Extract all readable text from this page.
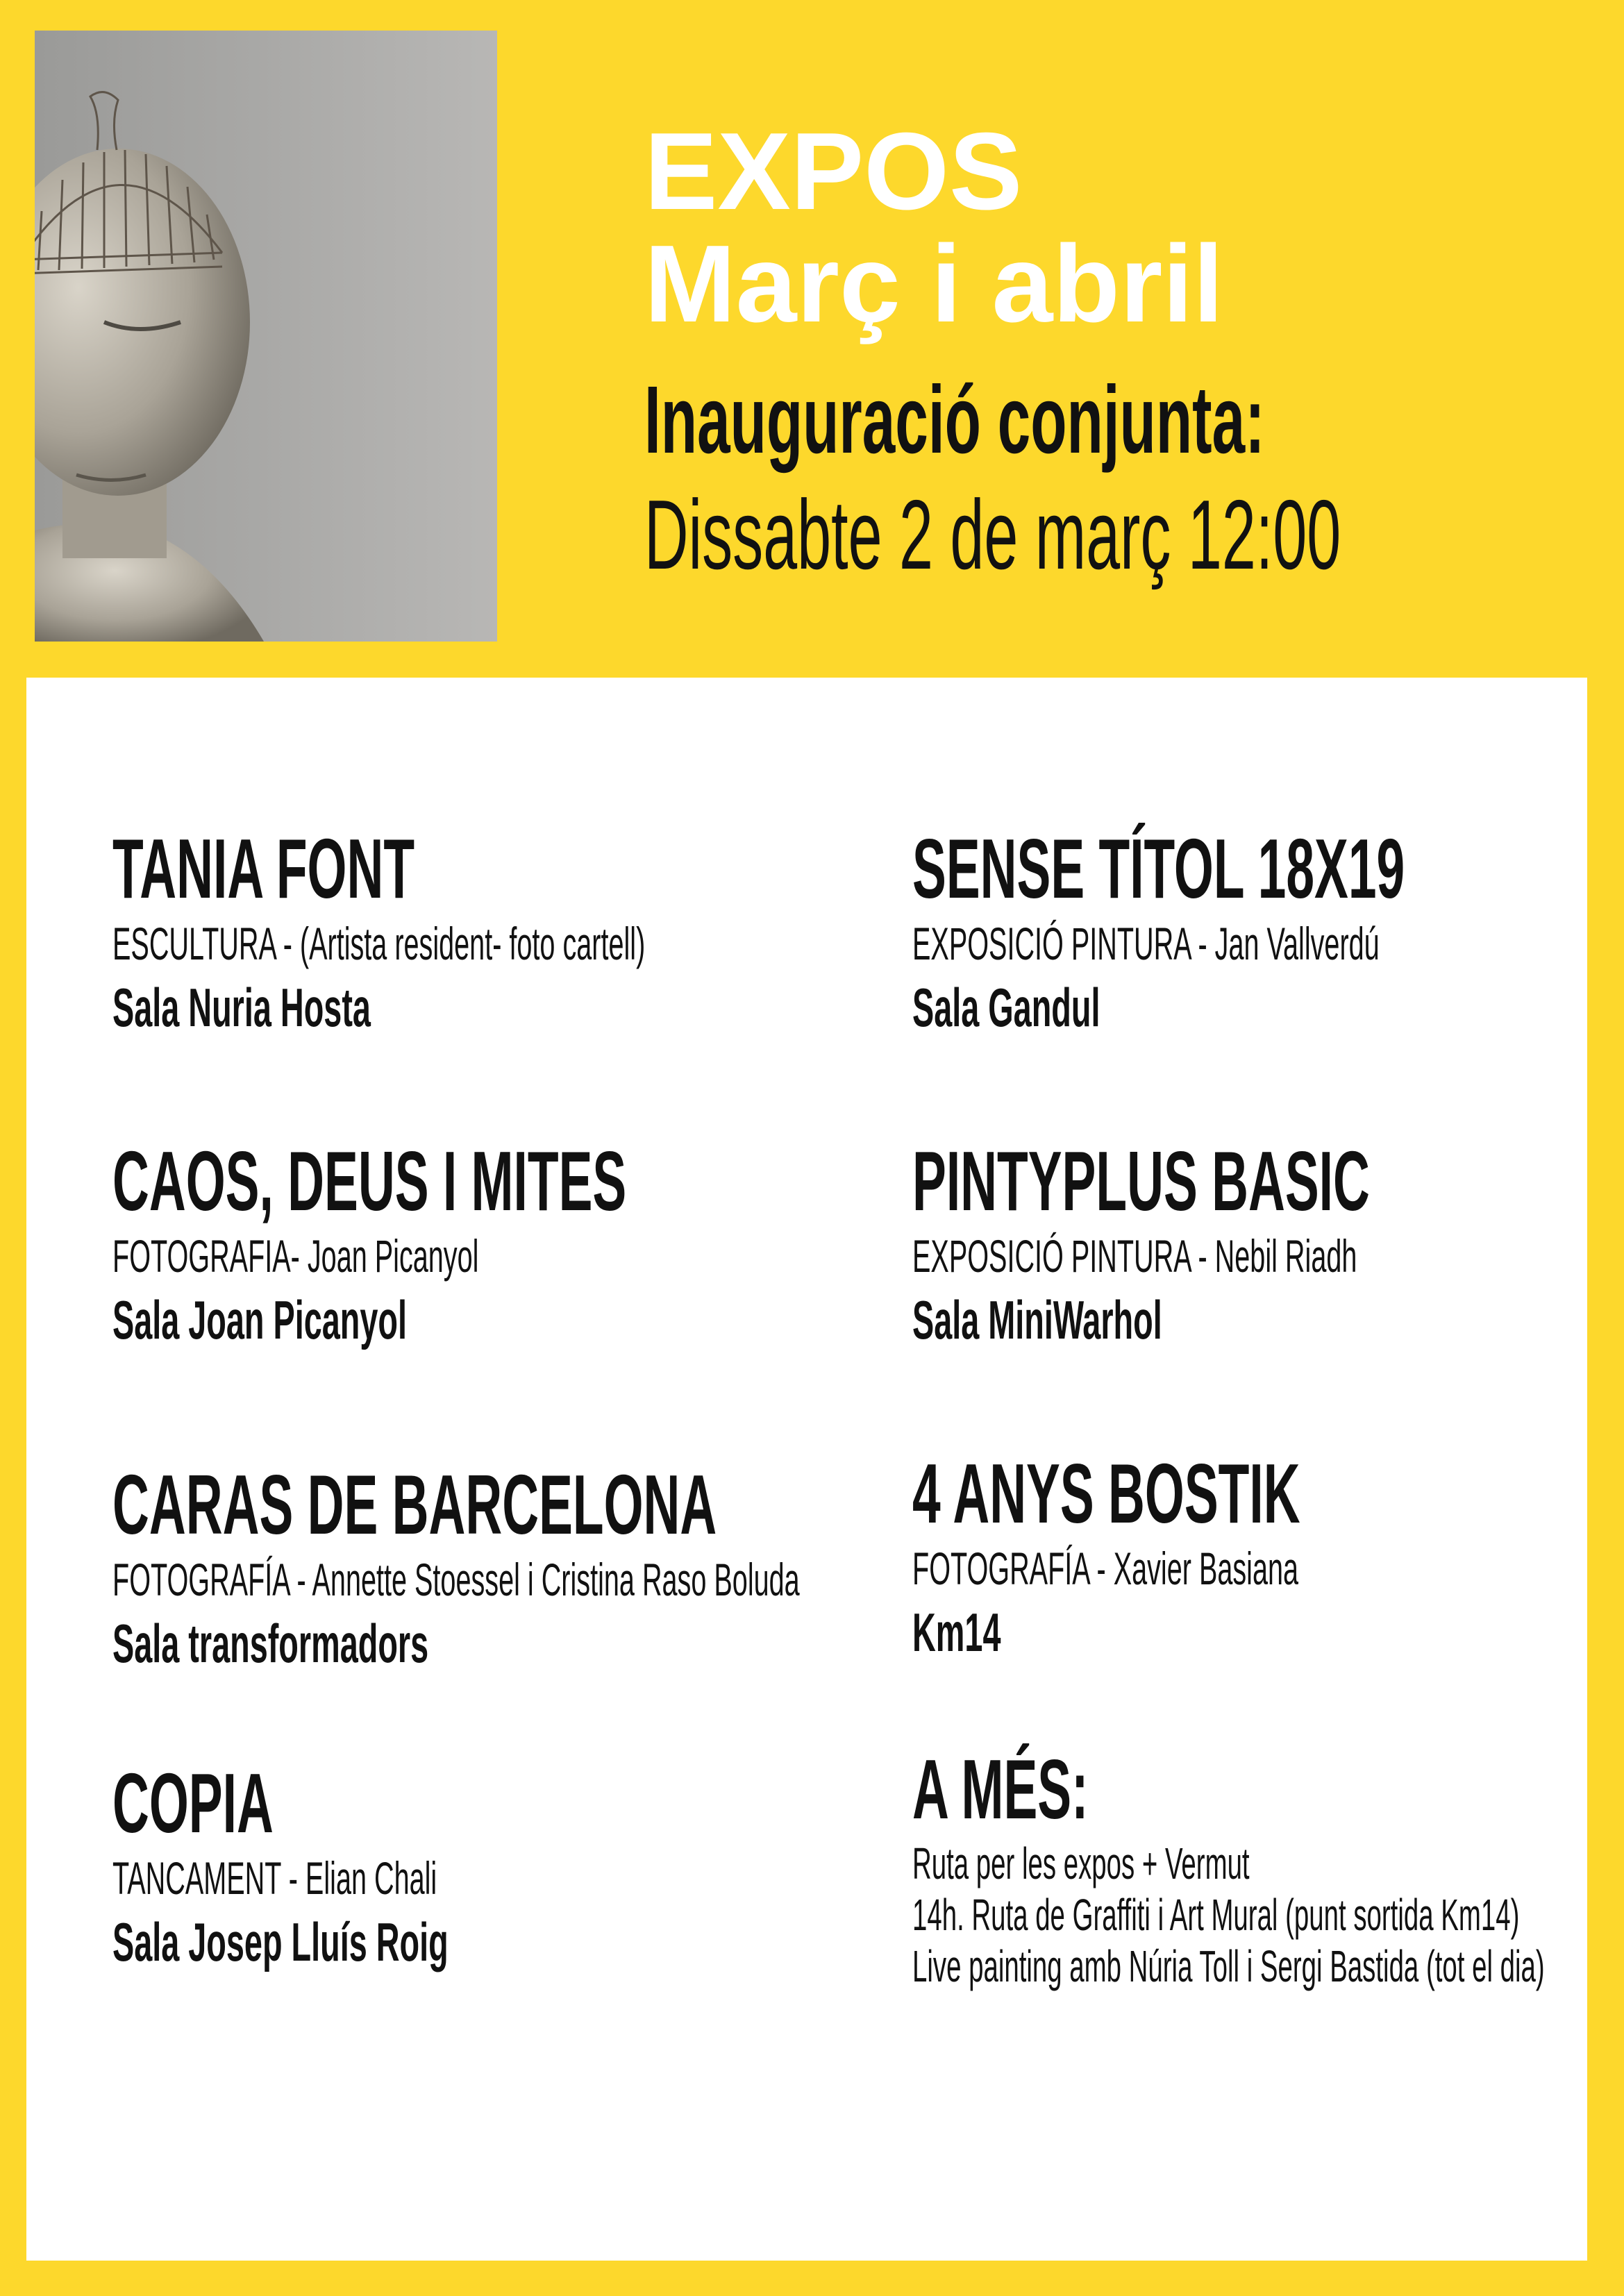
EXPOS
Març i abril
Inauguració conjunta:
Dissabte 2 de març 12:00
TANIA FONT
ESCULTURA - (Artista resident- foto cartell)
Sala Nuria Hosta
CAOS, DEUS I MITES
FOTOGRAFIA- Joan Picanyol
Sala Joan Picanyol
CARAS DE BARCELONA
FOTOGRAFÍA - Annette Stoessel i Cristina Raso Boluda
Sala transformadors
COPIA
TANCAMENT - Elian Chali
Sala Josep Lluís Roig
SENSE TÍTOL 18X19
EXPOSICIÓ PINTURA - Jan Vallverdú
Sala Gandul
PINTYPLUS BASIC
EXPOSICIÓ PINTURA - Nebil Riadh
Sala MiniWarhol
4 ANYS BOSTIK
FOTOGRAFÍA - Xavier Basiana
Km14
A MÉS:
Ruta per les expos + Vermut
14h. Ruta de Graffiti i Art Mural (punt sortida Km14)
Live painting amb Núria Toll i Sergi Bastida (tot el dia)
